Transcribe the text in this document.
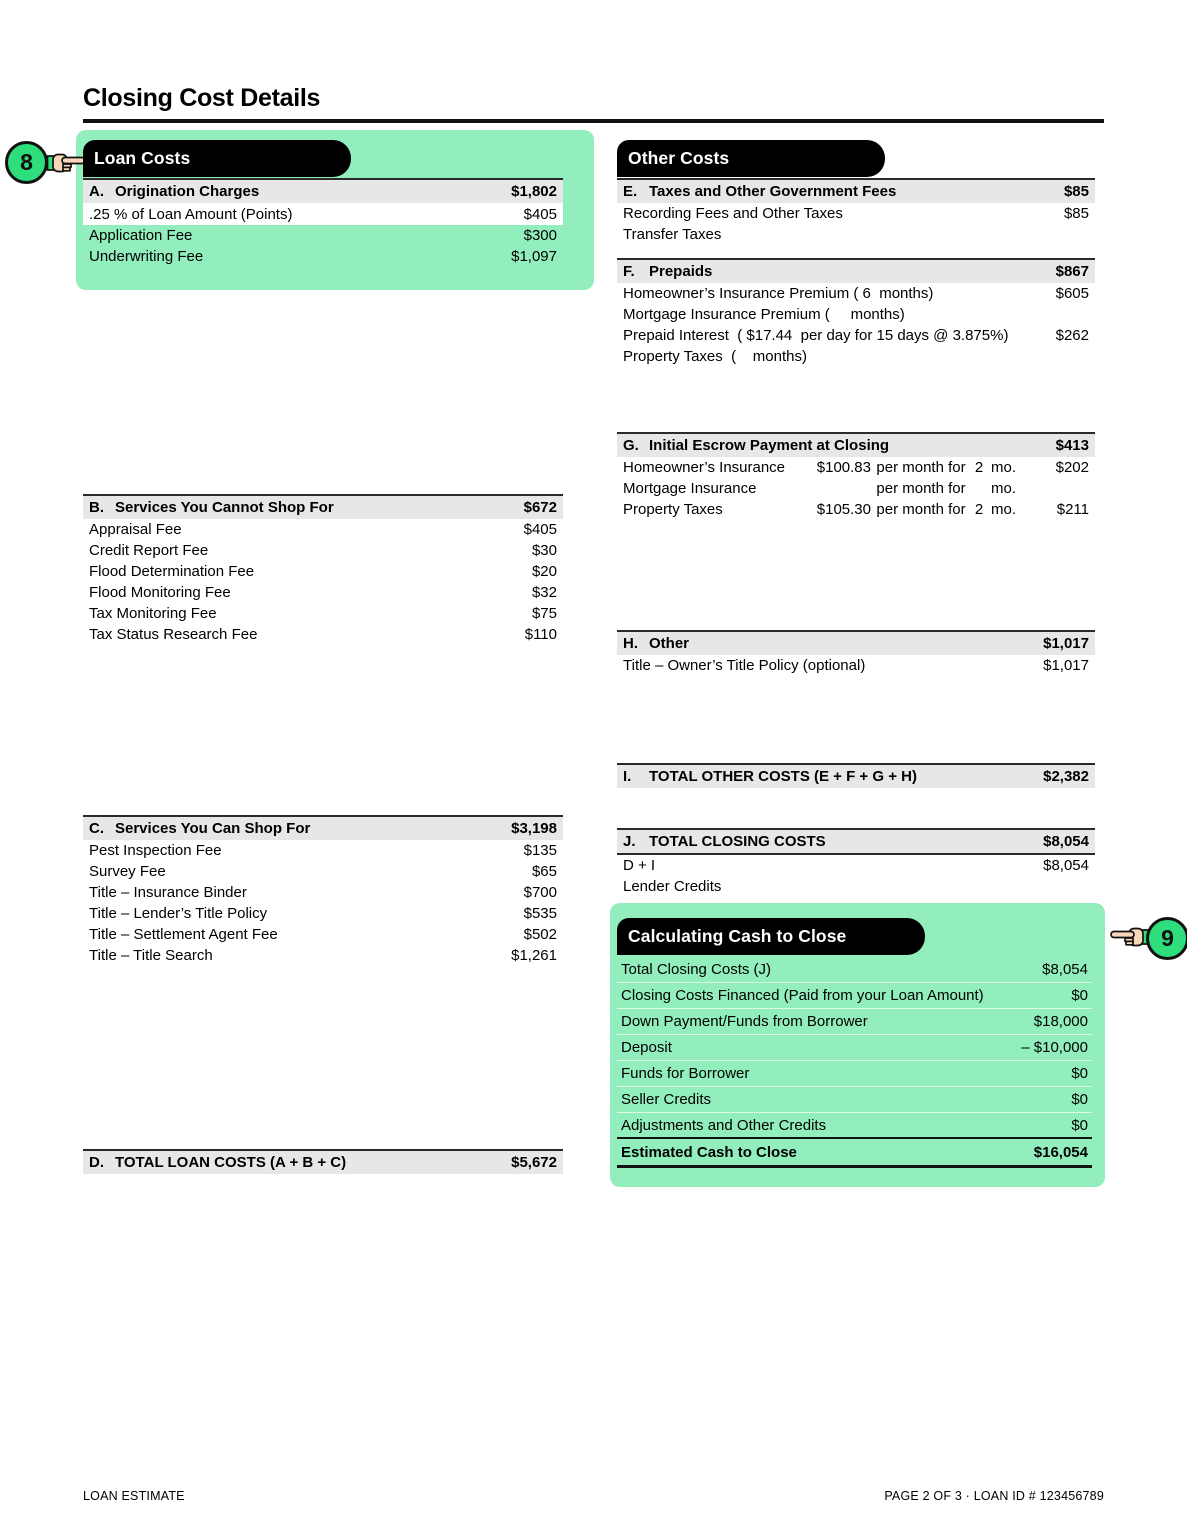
Closing Cost Details
8
9
Loan Costs	Other Costs
A. Origination Charges	$1,802
.25 % of Loan Amount (Points)	$405
Application Fee	$300
Underwriting Fee	$1,097
B. Services You Cannot Shop For	$672
Appraisal Fee	$405
Credit Report Fee	$30
Flood Determination Fee	$20
Flood Monitoring Fee	$32
Tax Monitoring Fee	$75
Tax Status Research Fee	$110
C. Services You Can Shop For	$3,198
Pest Inspection Fee	$135
Survey Fee	$65
Title – Insurance Binder	$700
Title – Lender’s Title Policy	$535
Title – Settlement Agent Fee	$502
Title – Title Search	$1,261
D. TOTAL LOAN COSTS (A + B + C)	$5,672
E. Taxes and Other Government Fees	$85
Recording Fees and Other Taxes	$85
Transfer Taxes
F. Prepaids	$867
Homeowner’s Insurance Premium ( 6  months)	$605
Mortgage Insurance Premium (     months)
Prepaid Interest  ( $17.44  per day for 15 days @ 3.875%)	$262
Property Taxes  (    months)
G. Initial Escrow Payment at Closing	$413
Homeowner’s Insurance	$100.83 per month for 2 mo.	$202
Mortgage Insurance	per month for	mo.
Property Taxes	$105.30 per month for 2 mo.	$211
H. Other	$1,017
Title – Owner’s Title Policy (optional)	$1,017
I.	TOTAL OTHER COSTS (E + F + G + H)	$2,382
J. TOTAL CLOSING COSTS	$8,054
D + I	$8,054
Lender Credits
Calculating Cash to Close
Total Closing Costs (J)	$8,054
Closing Costs Financed (Paid from your Loan Amount)	$0
Down Payment/Funds from Borrower	$18,000
Deposit	– $10,000
Funds for Borrower	$0
Seller Credits	$0
Adjustments and Other Credits	$0
Estimated Cash to Close	$16,054
LOAN ESTIMATE	PAGE 2 OF 3 · LOAN ID # 123456789
